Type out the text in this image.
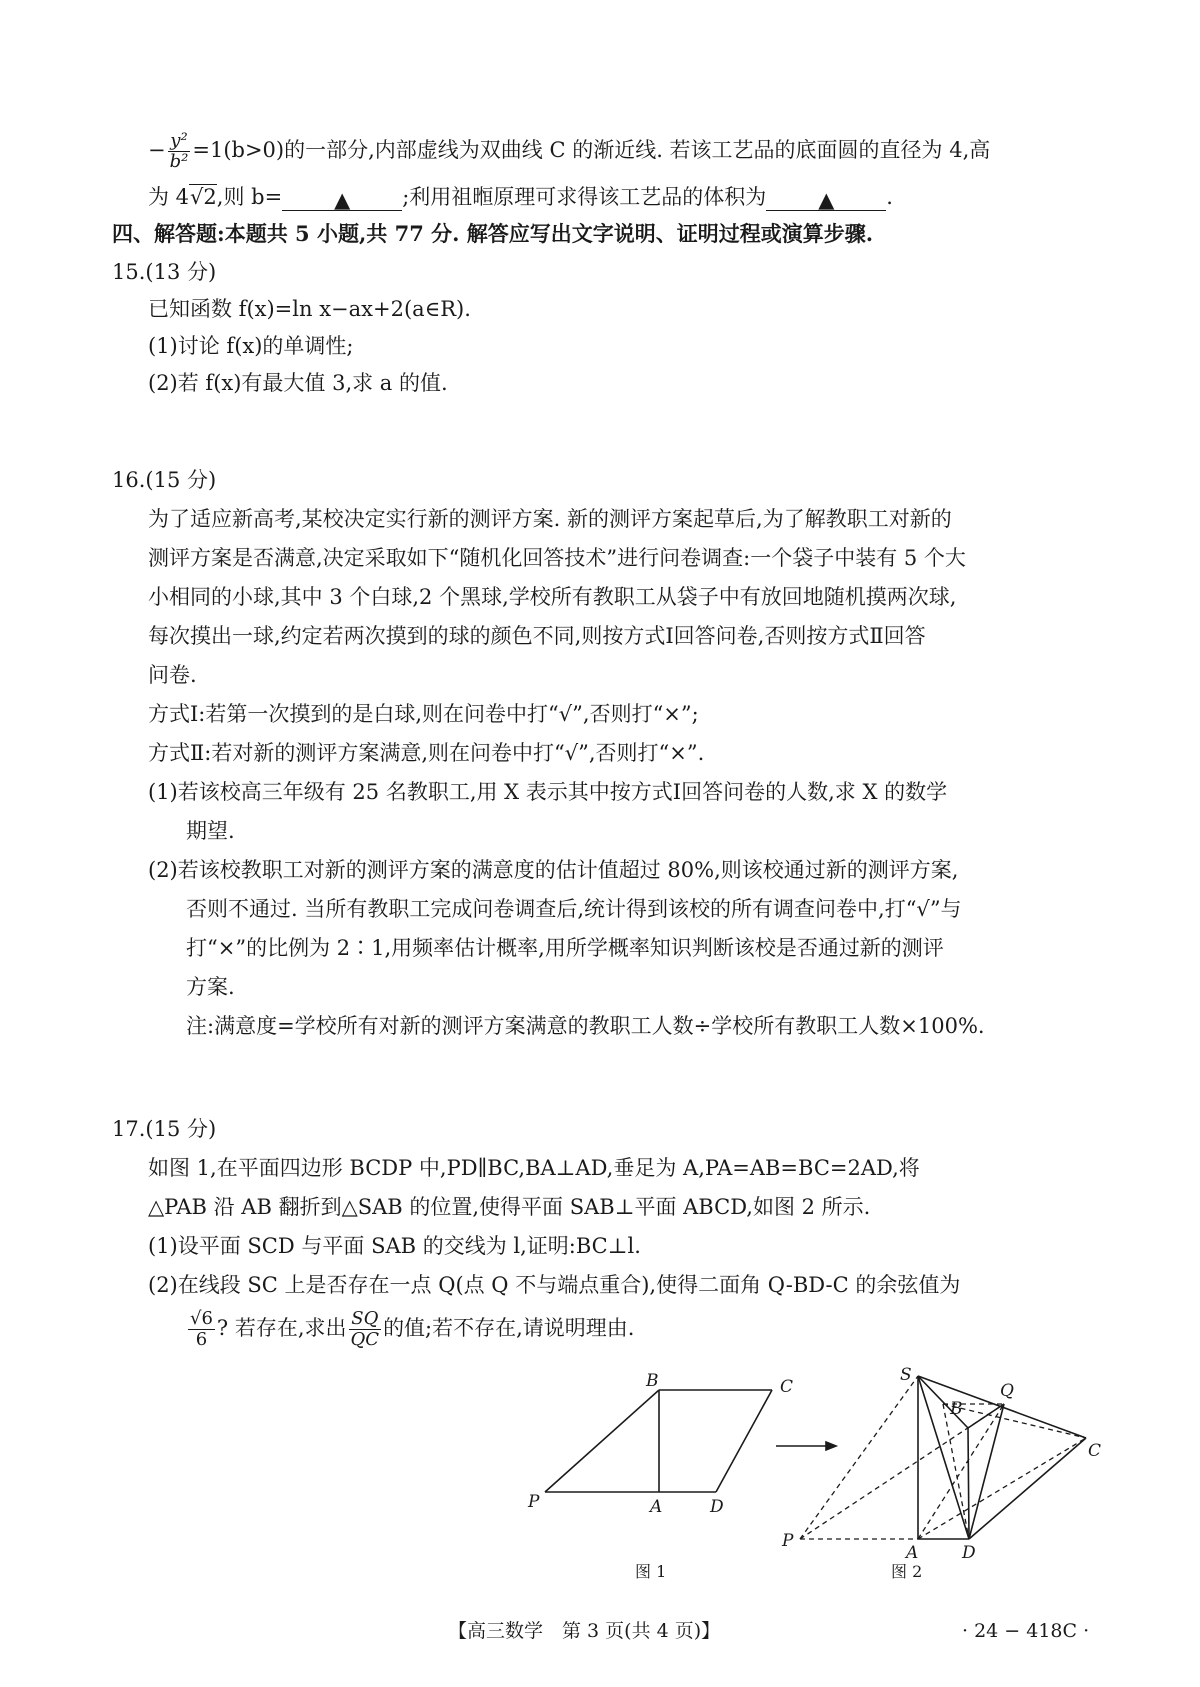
− $\frac{\text{y²}}{\text{b²}} =1(b>0)$的一部分,内部虚线为双曲线 C 的渐近线. 若该工艺品的底面圆的直径为 4,高
为 4√2,则 b= ▲ ;利用祖暅原理可求得该工艺品的体积为 ▲ .
四、解答题:本题共 5 小题,共 77 分. 解答应写出文字说明、证明过程或演算步骤.
15.(13 分)
已知函数 f(x)=ln x−ax+2(a∈R).
(1)讨论 f(x)的单调性;
(2)若 f(x)有最大值 3,求 a 的值.
16.(15 分)
为了适应新高考,某校决定实行新的测评方案. 新的测评方案起草后,为了解教职工对新的
测评方案是否满意,决定采取如下“随机化回答技术”进行问卷调查:一个袋子中装有 5 个大
小相同的小球,其中 3 个白球,2 个黑球,学校所有教职工从袋子中有放回地随机摸两次球,
每次摸出一球,约定若两次摸到的球的颜色不同,则按方式Ⅰ回答问卷,否则按方式Ⅱ回答
问卷.
方式Ⅰ:若第一次摸到的是白球,则在问卷中打“√”,否则打“×”;
方式Ⅱ:若对新的测评方案满意,则在问卷中打“√”,否则打“×”.
(1)若该校高三年级有 25 名教职工,用 X 表示其中按方式Ⅰ回答问卷的人数,求 X 的数学
期望.
(2)若该校教职工对新的测评方案的满意度的估计值超过 80%,则该校通过新的测评方案,
否则不通过. 当所有教职工完成问卷调查后,统计得到该校的所有调查问卷中,打“√”与
打“×”的比例为 2∶1,用频率估计概率,用所学概率知识判断该校是否通过新的测评
方案.
注:满意度=学校所有对新的测评方案满意的教职工人数÷学校所有教职工人数×100%.
17.(15 分)
如图 1,在平面四边形 BCDP 中,PD∥BC,BA⊥AD,垂足为 A,PA=AB=BC=2AD,将
△PAB 沿 AB 翻折到△SAB 的位置,使得平面 SAB⊥平面 ABCD,如图 2 所示.
(1)设平面 SCD 与平面 SAB 的交线为 l,证明:BC⊥l.
(2)在线段 SC 上是否存在一点 Q(点 Q 不与端点重合),使得二面角 Q-BD-C 的余弦值为
$\frac{√6}{6}$ ? 若存在,求出 $\frac{SQ}{QC}$ 的值;若不存在,请说明理由.
B	C
P	A	D
S
Q
B
C
P
A	D
图 1	图 2
【高三数学　第 3 页(共 4 页)】	· 24 − 418C ·
